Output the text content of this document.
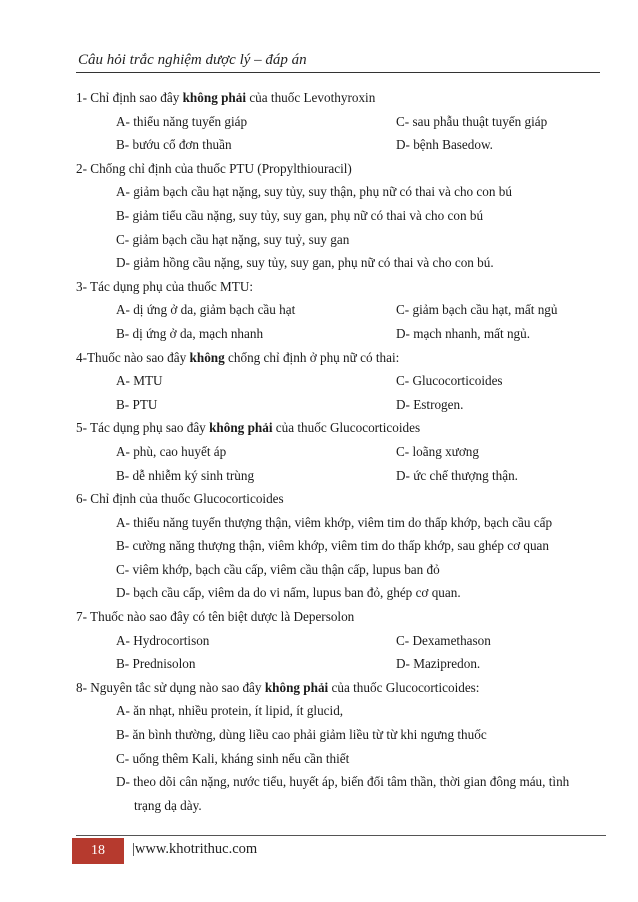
Câu hỏi trắc nghiệm dược lý – đáp án
1- Chỉ định sao đây không phải của thuốc Levothyroxin
A- thiểu năng tuyến giáp	C- sau phẫu thuật tuyến giáp
B- bướu cổ đơn thuần	D- bệnh Basedow.
2- Chống chỉ định của thuốc PTU (Propylthiouracil)
A- giảm bạch cầu hạt nặng, suy tủy, suy thận, phụ nữ có thai và cho con bú
B- giảm tiểu cầu nặng, suy tủy, suy gan, phụ nữ có thai và cho con bú
C- giảm bạch cầu hạt nặng, suy tuỷ, suy gan
D- giảm hồng cầu nặng, suy tủy, suy gan, phụ nữ có thai và cho con bú.
3- Tác dụng phụ của thuốc MTU:
A- dị ứng ở da, giảm bạch cầu hạt	C- giảm bạch cầu hạt, mất ngủ
B- dị ứng ở da, mạch nhanh	D- mạch nhanh, mất ngủ.
4-Thuốc nào sao đây không chống chỉ định ở phụ nữ có thai:
A- MTU	C- Glucocorticoides
B- PTU	D- Estrogen.
5- Tác dụng phụ sao đây không phải của thuốc Glucocorticoides
A- phù, cao huyết áp	C- loãng xương
B- dễ nhiễm ký sinh trùng	D- ức chế thượng thận.
6- Chỉ định của thuốc Glucocorticoides
A- thiểu năng tuyến thượng thận, viêm khớp, viêm tim do thấp khớp, bạch cầu cấp
B- cường năng thượng thận, viêm khớp, viêm tim do thấp khớp, sau ghép cơ quan
C- viêm khớp, bạch cầu cấp, viêm cầu thận cấp, lupus ban đỏ
D- bạch cầu cấp, viêm da do vi nấm, lupus ban đỏ, ghép cơ quan.
7- Thuốc nào sao đây có tên biệt dược là Depersolon
A- Hydrocortison	C- Dexamethason
B- Prednisolon	D- Mazipredon.
8- Nguyên tắc sử dụng nào sao đây không phải của thuốc Glucocorticoides:
A- ăn nhạt, nhiều protein, ít lipid, ít glucid,
B- ăn bình thường, dùng liều cao phải giảm liều từ từ khi ngưng thuốc
C- uống thêm Kali, kháng sinh nếu cần thiết
D- theo dõi cân nặng, nước tiểu, huyết áp, biến đổi tâm thần, thời gian đông máu, tình
trạng dạ dày.
18 |www.khotrithuc.com
